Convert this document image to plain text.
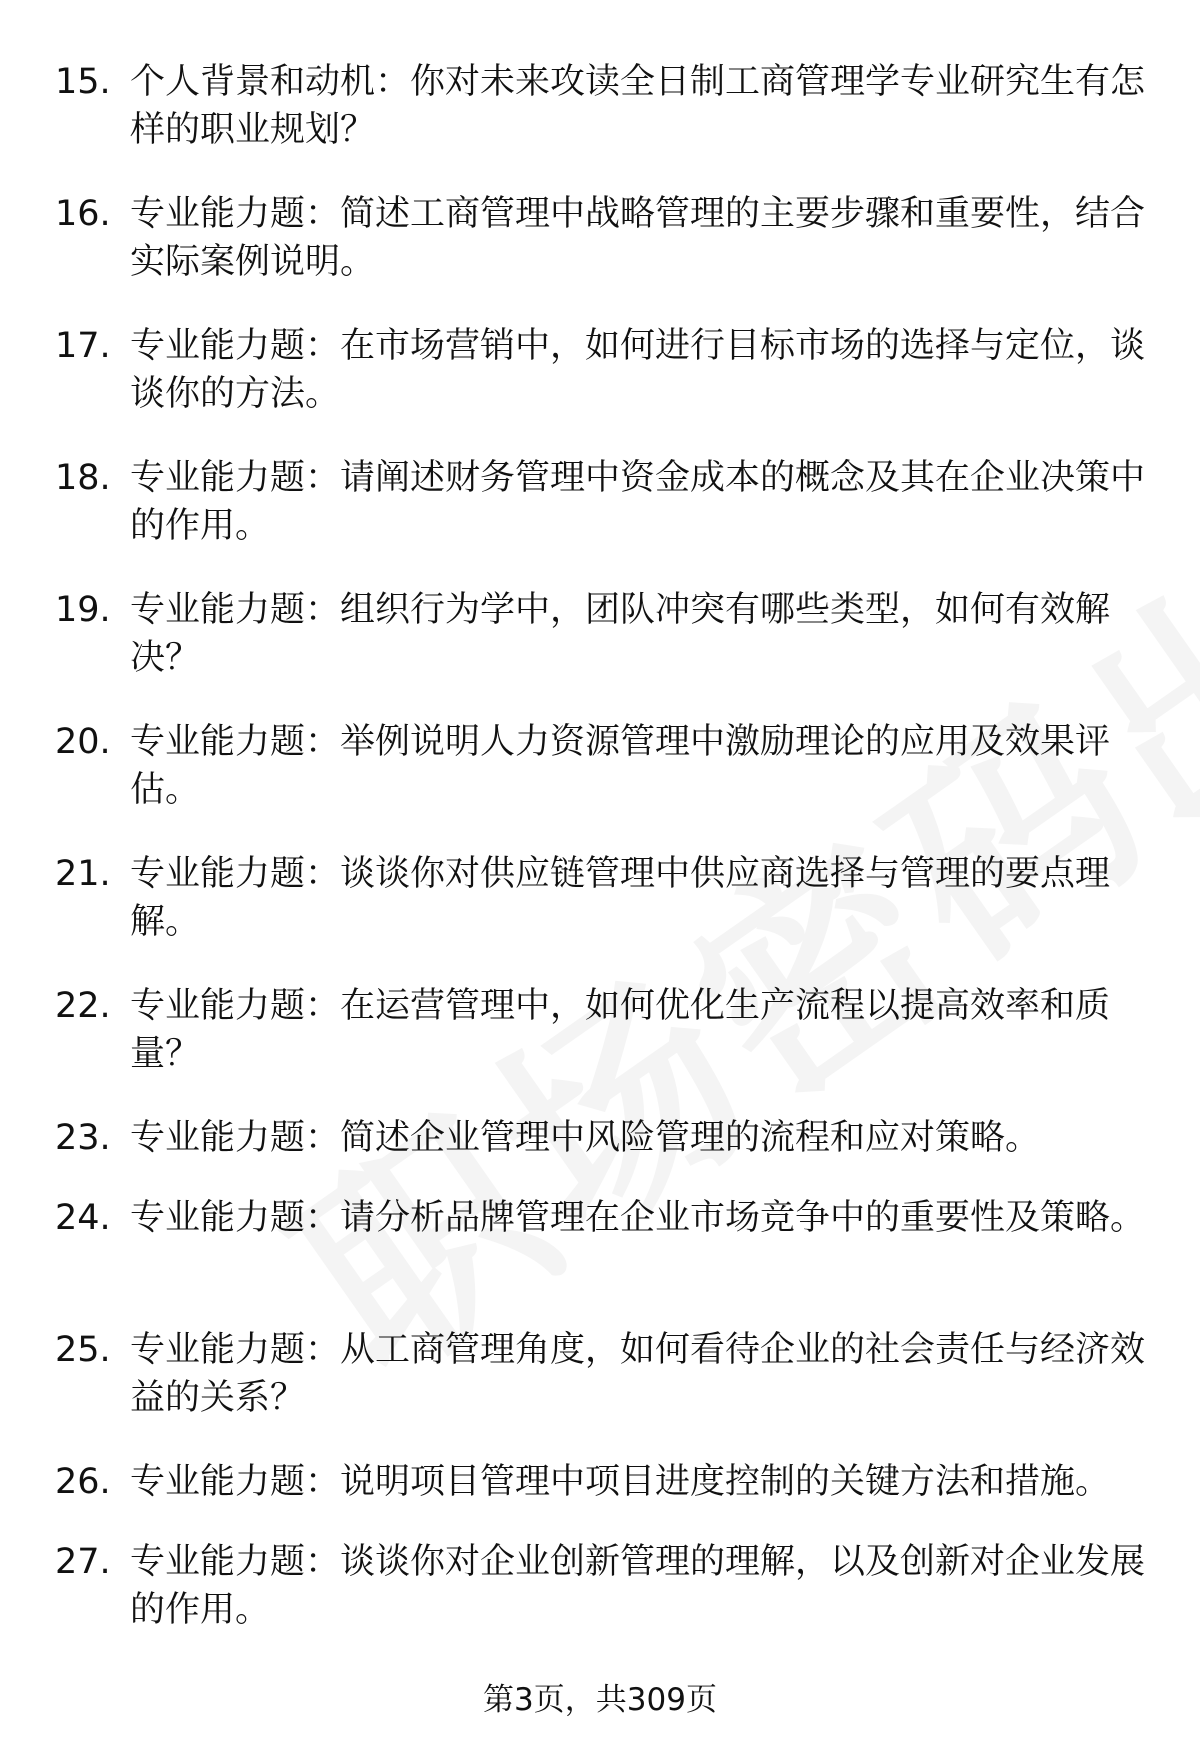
15. 个人背景和动机：你对未来攻读全日制工商管理学专业研究生有怎样的职业规划？
16. 专业能力题：简述工商管理中战略管理的主要步骤和重要性，结合实际案例说明。
17. 专业能力题：在市场营销中，如何进行目标市场的选择与定位，谈谈你的方法。
18. 专业能力题：请阐述财务管理中资金成本的概念及其在企业决策中的作用。
19. 专业能力题：组织行为学中，团队冲突有哪些类型，如何有效解决？
20. 专业能力题：举例说明人力资源管理中激励理论的应用及效果评估。
21. 专业能力题：谈谈你对供应链管理中供应商选择与管理的要点理解。
22. 专业能力题：在运营管理中，如何优化生产流程以提高效率和质量？
23. 专业能力题：简述企业管理中风险管理的流程和应对策略。
24. 专业能力题：请分析品牌管理在企业市场竞争中的重要性及策略。
25. 专业能力题：从工商管理角度，如何看待企业的社会责任与经济效益的关系？
26. 专业能力题：说明项目管理中项目进度控制的关键方法和措施。
27. 专业能力题：谈谈你对企业创新管理的理解，以及创新对企业发展的作用。
第3页，共309页
